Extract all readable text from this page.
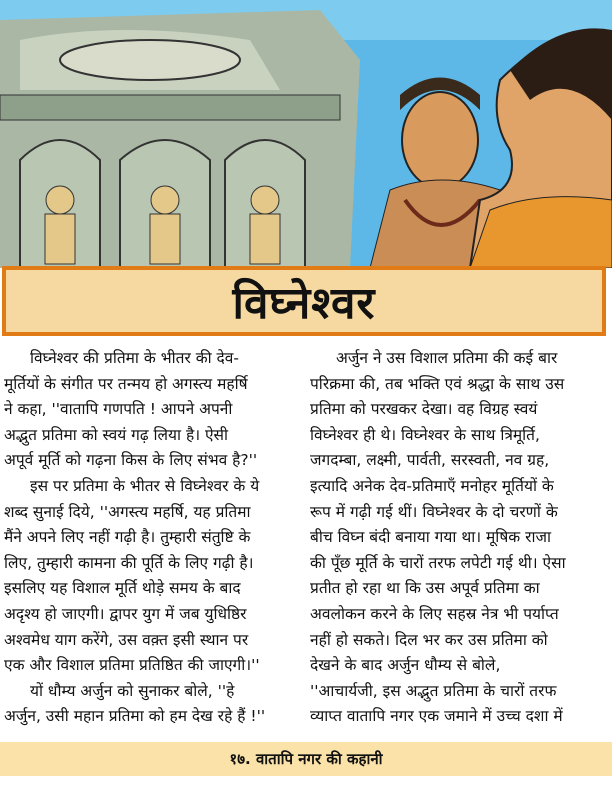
विघ्नेश्वर
विघ्नेश्वर की प्रतिमा के भीतर की देव-
मूर्तियों के संगीत पर तन्मय हो अगस्त्य महर्षि
ने कहा, ''वातापि गणपति ! आपने अपनी
अद्भुत प्रतिमा को स्वयं गढ़ लिया है। ऐसी
अपूर्व मूर्ति को गढ़ना किस के लिए संभव है?''
इस पर प्रतिमा के भीतर से विघ्नेश्वर के ये
शब्द सुनाई दिये, ''अगस्त्य महर्षि, यह प्रतिमा
मैंने अपने लिए नहीं गढ़ी है। तुम्हारी संतुष्टि के
लिए, तुम्हारी कामना की पूर्ति के लिए गढ़ी है।
इसलिए यह विशाल मूर्ति थोड़े समय के बाद
अदृश्य हो जाएगी। द्वापर युग में जब युधिष्ठिर
अश्वमेध याग करेंगे, उस वक़्त इसी स्थान पर
एक और विशाल प्रतिमा प्रतिष्ठित की जाएगी।''
यों धौम्य अर्जुन को सुनाकर बोले, ''हे
अर्जुन, उसी महान प्रतिमा को हम देख रहे हैं !''
अर्जुन ने उस विशाल प्रतिमा की कई बार
परिक्रमा की, तब भक्ति एवं श्रद्धा के साथ उस
प्रतिमा को परखकर देखा। वह विग्रह स्वयं
विघ्नेश्वर ही थे। विघ्नेश्वर के साथ त्रिमूर्ति,
जगदम्बा, लक्ष्मी, पार्वती, सरस्वती, नव ग्रह,
इत्यादि अनेक देव-प्रतिमाएँ मनोहर मूर्तियों के
रूप में गढ़ी गई थीं। विघ्नेश्वर के दो चरणों के
बीच विघ्न बंदी बनाया गया था। मूषिक राजा
की पूँछ मूर्ति के चारों तरफ लपेटी गई थी। ऐसा
प्रतीत हो रहा था कि उस अपूर्व प्रतिमा का
अवलोकन करने के लिए सहस्र नेत्र भी पर्याप्त
नहीं हो सकते। दिल भर कर उस प्रतिमा को
देखने के बाद अर्जुन धौम्य से बोले,
''आचार्यजी, इस अद्भुत प्रतिमा के चारों तरफ
व्याप्त वातापि नगर एक जमाने में उच्च दशा में
१७. वातापि नगर की कहानी
